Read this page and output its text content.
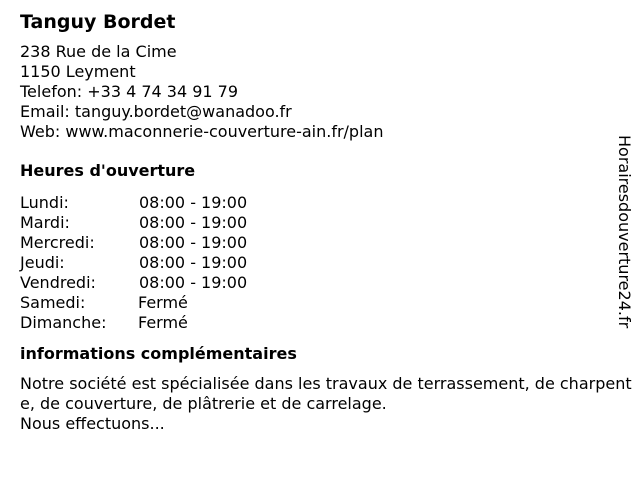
Tanguy Bordet
238 Rue de la Cime
1150 Leyment
Telefon: +33 4 74 34 91 79
Email: tanguy.bordet@wanadoo.fr
Web: www.maconnerie-couverture-ain.fr/plan
Heures d'ouverture
Lundi:	08:00 - 19:00
Mardi:	08:00 - 19:00
Mercredi:	08:00 - 19:00
Jeudi:	08:00 - 19:00
Vendredi:	08:00 - 19:00
Samedi:	Fermé
Dimanche:	Fermé
informations complémentaires
Notre société est spécialisée dans les travaux de terrassement, de charpente, de couverture, de plâtrerie et de carrelage.
Nous effectuons...
Horairesdouverture24.fr
